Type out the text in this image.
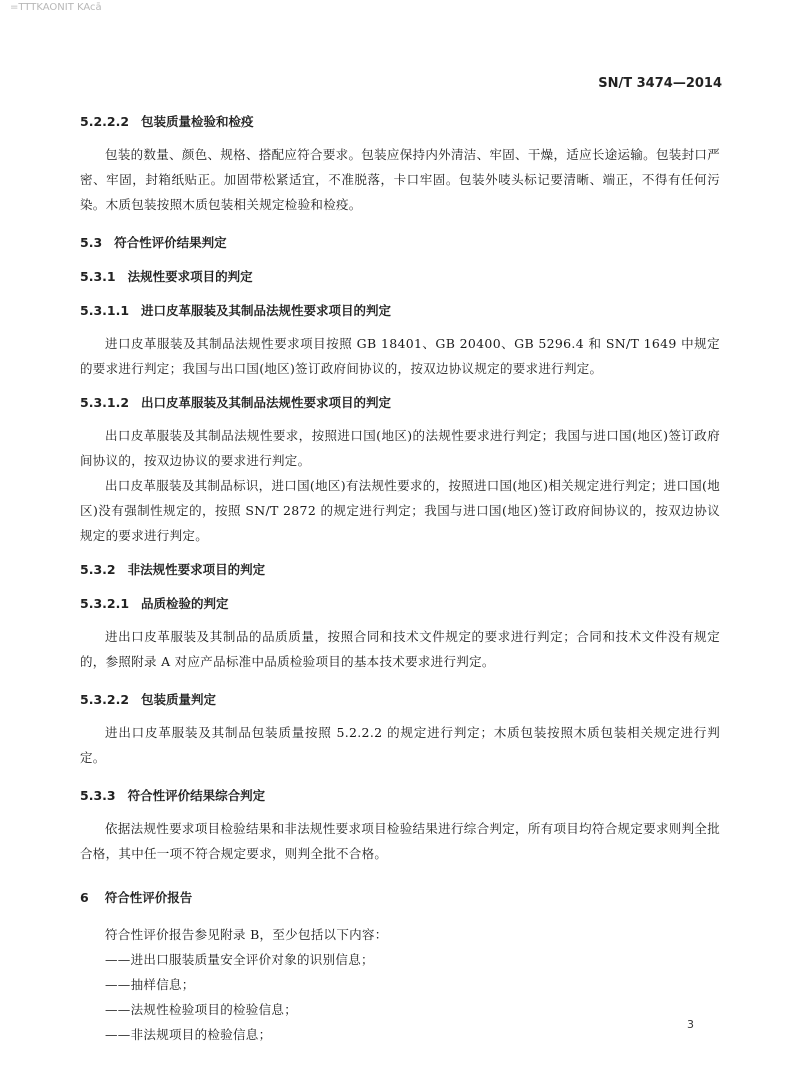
=TTTKAONIT KAcā
SN/T 3474—2014
5.2.2.2 包装质量检验和检疫
包装的数量、颜色、规格、搭配应符合要求。包装应保持内外清洁、牢固、干燥，适应长途运输。包装封口严密、牢固，封箱纸贴正。加固带松紧适宜，不准脱落，卡口牢固。包装外唛头标记要清晰、端正，不得有任何污染。木质包装按照木质包装相关规定检验和检疫。
5.3 符合性评价结果判定
5.3.1 法规性要求项目的判定
5.3.1.1 进口皮革服装及其制品法规性要求项目的判定
进口皮革服装及其制品法规性要求项目按照 GB 18401、GB 20400、GB 5296.4 和 SN/T 1649 中规定的要求进行判定；我国与出口国(地区)签订政府间协议的，按双边协议规定的要求进行判定。
5.3.1.2 出口皮革服装及其制品法规性要求项目的判定
出口皮革服装及其制品法规性要求，按照进口国(地区)的法规性要求进行判定；我国与进口国(地区)签订政府间协议的，按双边协议的要求进行判定。
出口皮革服装及其制品标识，进口国(地区)有法规性要求的，按照进口国(地区)相关规定进行判定；进口国(地区)没有强制性规定的，按照 SN/T 2872 的规定进行判定；我国与进口国(地区)签订政府间协议的，按双边协议规定的要求进行判定。
5.3.2 非法规性要求项目的判定
5.3.2.1 品质检验的判定
进出口皮革服装及其制品的品质质量，按照合同和技术文件规定的要求进行判定；合同和技术文件没有规定的，参照附录 A 对应产品标准中品质检验项目的基本技术要求进行判定。
5.3.2.2 包装质量判定
进出口皮革服装及其制品包装质量按照 5.2.2.2 的规定进行判定；木质包装按照木质包装相关规定进行判定。
5.3.3 符合性评价结果综合判定
依据法规性要求项目检验结果和非法规性要求项目检验结果进行综合判定，所有项目均符合规定要求则判全批合格，其中任一项不符合规定要求，则判全批不合格。
6 符合性评价报告
符合性评价报告参见附录 B，至少包括以下内容：
——进出口服装质量安全评价对象的识别信息；
——抽样信息；
——法规性检验项目的检验信息；
——非法规项目的检验信息；
3
